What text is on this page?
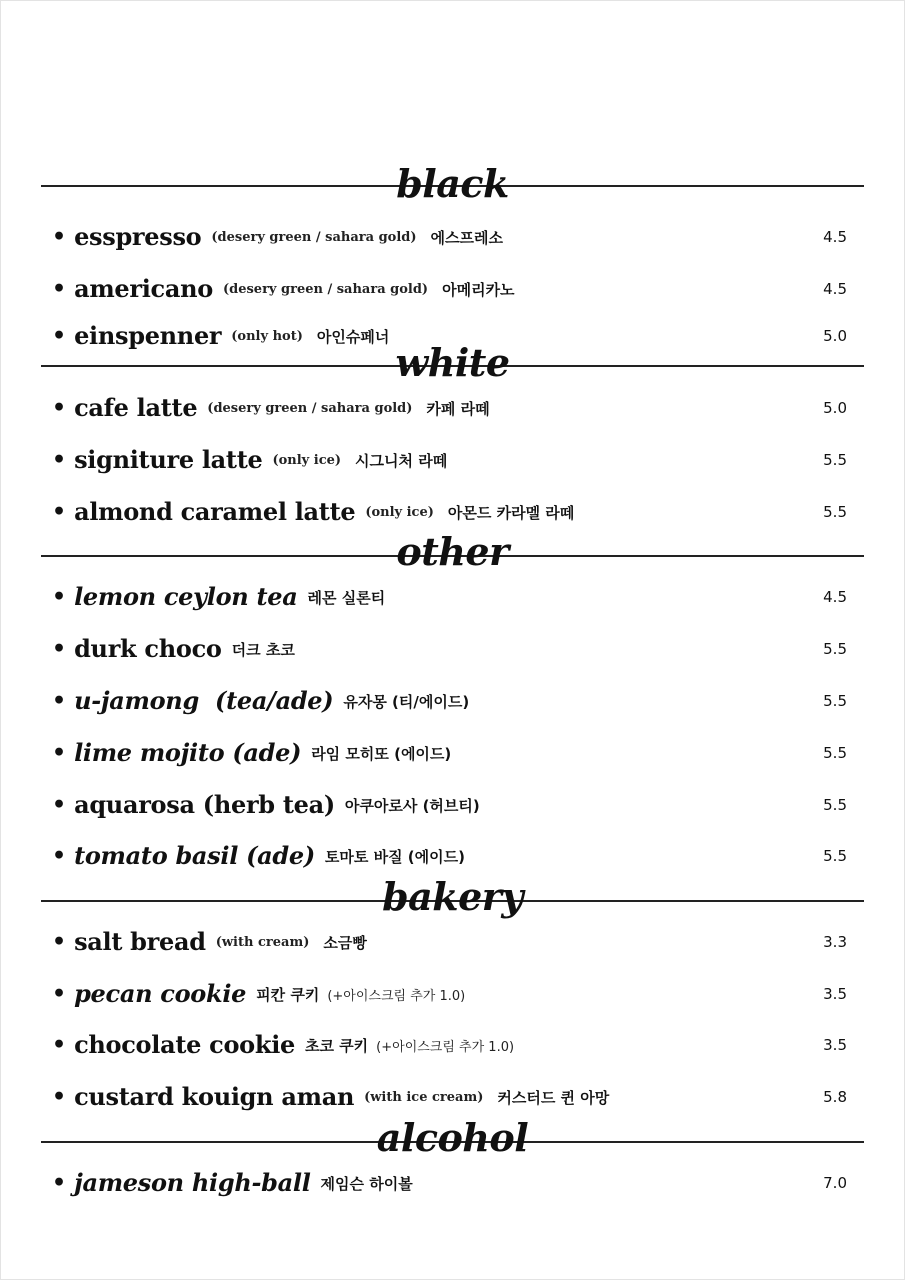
black
• esspresso (desery green / sahara gold) 에스프레소	4.5
• americano (desery green / sahara gold) 아메리카노	4.5
• einspenner (only hot) 아인슈페너	5.0
white
• cafe latte (desery green / sahara gold) 카페 라떼	5.0
• signiture latte (only ice) 시그니처 라떼	5.5
• almond caramel latte (only ice) 아몬드 카라멜 라떼	5.5
other
• lemon ceylon tea 레몬 실론티	4.5
• durk choco 더크 초코	5.5
• u-jamong  (tea/ade) 유자몽 (티/에이드)	5.5
• lime mojito (ade) 라임 모히또 (에이드)	5.5
• aquarosa (herb tea) 아쿠아로사 (허브티)	5.5
• tomato basil (ade) 토마토 바질 (에이드)	5.5
bakery
• salt bread (with cream) 소금빵	3.3
• pecan cookie 피칸 쿠키 (+아이스크림 추가 1.0)	3.5
• chocolate cookie 초코 쿠키 (+아이스크림 추가 1.0)	3.5
• custard kouign aman (with ice cream) 커스터드 퀸 아망	5.8
alcohol
• jameson high-ball 제임슨 하이볼	7.0
